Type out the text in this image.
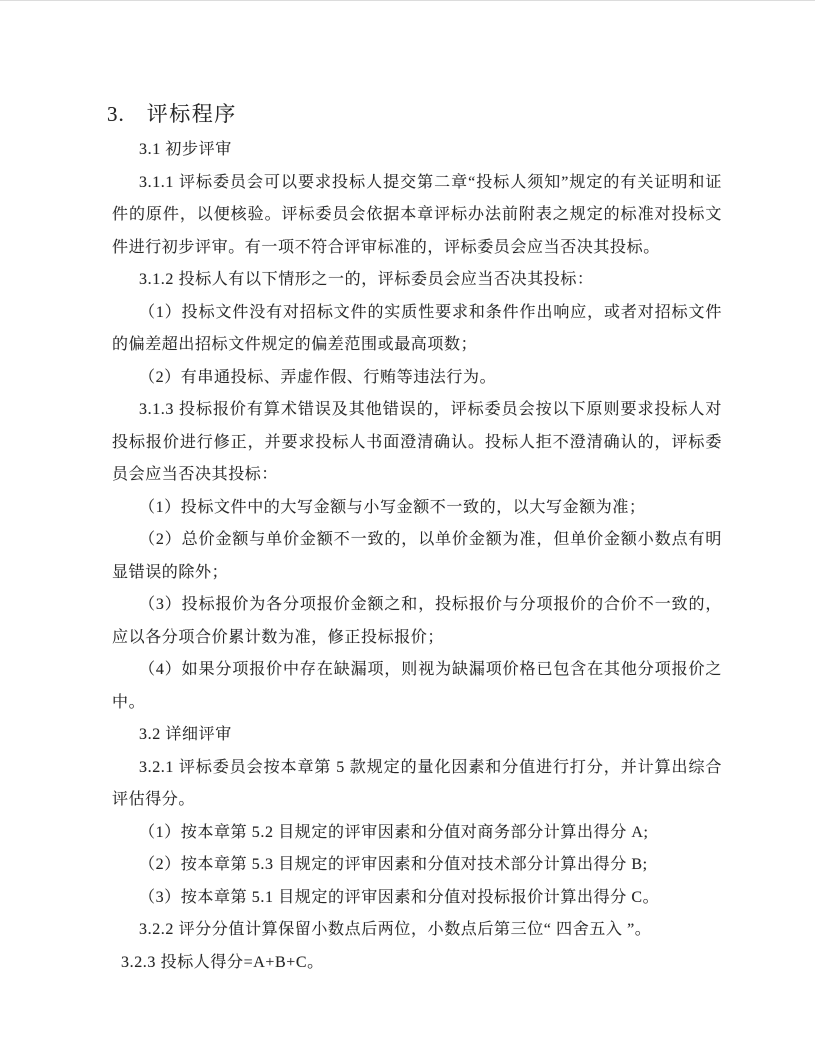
3. 评标程序

3.1 初步评审

3.1.1 评标委员会可以要求投标人提交第二章“投标人须知”规定的有关证明和证件的原件，以便核验。评标委员会依据本章评标办法前附表之规定的标准对投标文件进行初步评审。有一项不符合评审标准的，评标委员会应当否决其投标。

3.1.2 投标人有以下情形之一的，评标委员会应当否决其投标：

（1）投标文件没有对招标文件的实质性要求和条件作出响应，或者对招标文件的偏差超出招标文件规定的偏差范围或最高项数；

（2）有串通投标、弄虚作假、行贿等违法行为。

3.1.3 投标报价有算术错误及其他错误的，评标委员会按以下原则要求投标人对投标报价进行修正，并要求投标人书面澄清确认。投标人拒不澄清确认的，评标委员会应当否决其投标：

（1）投标文件中的大写金额与小写金额不一致的，以大写金额为准；

（2）总价金额与单价金额不一致的，以单价金额为准，但单价金额小数点有明显错误的除外；

（3）投标报价为各分项报价金额之和，投标报价与分项报价的合价不一致的，应以各分项合价累计数为准，修正投标报价；

（4）如果分项报价中存在缺漏项，则视为缺漏项价格已包含在其他分项报价之中。

3.2 详细评审

3.2.1 评标委员会按本章第 5 款规定的量化因素和分值进行打分，并计算出综合评估得分。

（1）按本章第 5.2 目规定的评审因素和分值对商务部分计算出得分 A;

（2）按本章第 5.3 目规定的评审因素和分值对技术部分计算出得分 B;

（3）按本章第 5.1 目规定的评审因素和分值对投标报价计算出得分 C。

3.2.2 评分分值计算保留小数点后两位，小数点后第三位“ 四舍五入 ”。

3.2.3 投标人得分=A+B+C。
